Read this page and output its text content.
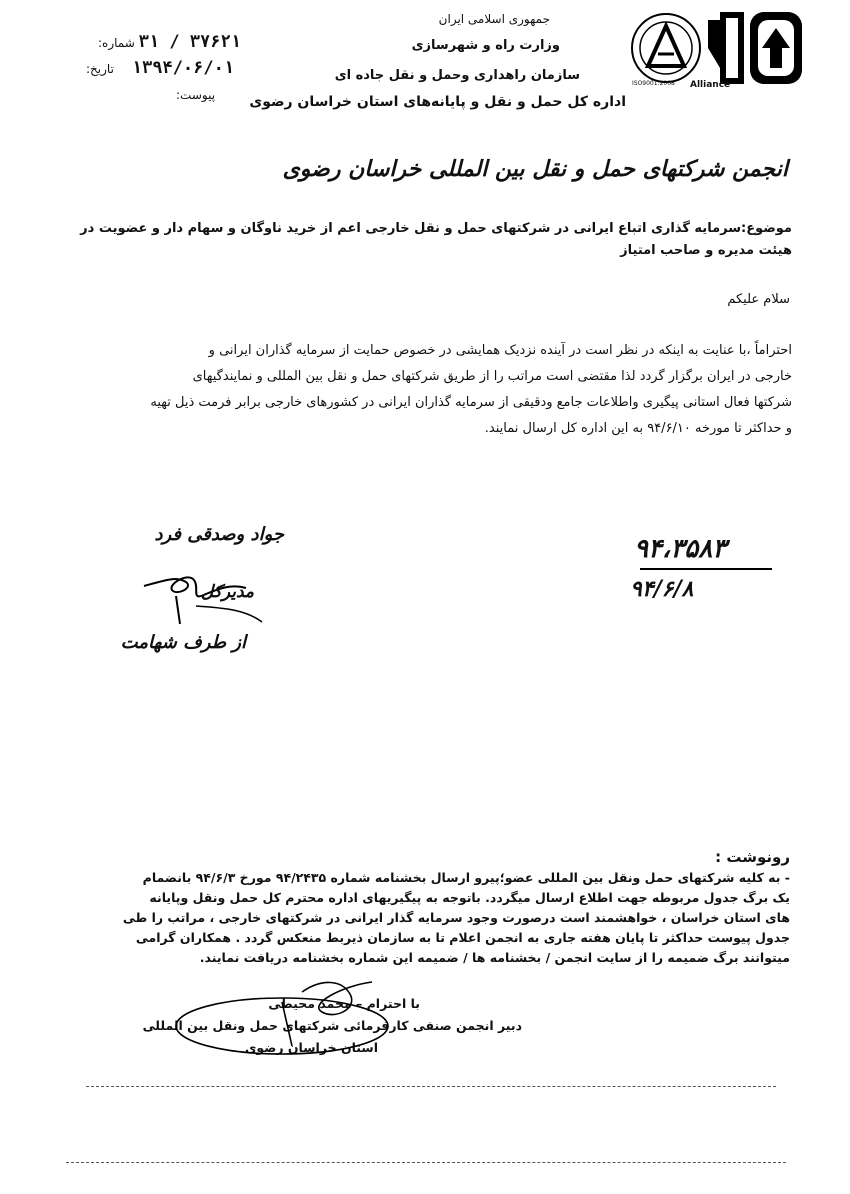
Alliance
ISO9001:2008
جمهوری اسلامی ایران
وزارت راه و شهرسازی
سازمان راهداری وحمل و نقل جاده ای
اداره کل حمل و نقل و پایانه‌های استان خراسان رضوی
۳۱ / ۳۷۶۲۱ شماره:
۱۳۹۴/۰۶/۰۱ تاریخ:
پیوست:
انجمن شرکتهای حمل و نقل بین المللی خراسان رضوی
موضوع:سرمایه گذاری اتباع ایرانی در شرکتهای حمل و نقل خارجی اعم از خرید ناوگان و سهام دار و عضویت در
هیئت مدیره و صاحب امتیاز
سلام علیکم
احتراماً ،با عنایت به اینکه در نظر است در آینده نزدیک همایشی در خصوص حمایت از سرمایه گذاران ایرانی و
خارجی در ایران برگزار گردد لذا مقتضی است مراتب را از طریق شرکتهای حمل و نقل بین المللی و نمایندگیهای
شرکتها فعال استانی پیگیری واطلاعات جامع ودقیقی از سرمایه گذاران ایرانی در کشورهای خارجی برابر فرمت ذیل تهیه
و حداکثر تا مورخه ۹۴/۶/۱۰ به این اداره کل ارسال نمایند.
جواد وصدقی فرد
مدیرکل
از طرف شهامت
۹۴،۳۵۸۳
۹۴/۶/۸
رونوشت :
- به کلیه شرکتهای حمل ونقل بین المللی عضو؛پیرو ارسال بخشنامه شماره ۹۴/۲۴۳۵ مورخ ۹۴/۶/۳ بانضمام
یک برگ جدول مربوطه جهت اطلاع ارسال میگردد. باتوجه به پیگیریهای اداره محترم کل حمل ونقل وپایانه
های استان خراسان ، خواهشمند است درصورت وجود سرمایه گذار ایرانی در شرکتهای خارجی ، مراتب را طی
جدول پیوست حداکثر تا پایان هفته جاری به انجمن اعلام تا به سازمان ذیربط منعکس گردد . همکاران گرامی
میتوانند برگ ضمیمه را از سایت انجمن / بخشنامه ها / ضمیمه این شماره بخشنامه دریافت نمایند.
با احترام – محمد محیطی
دبیر انجمن صنفی کارفرمائی شرکتهای حمل ونقل بین المللی
استان خراسان رضوی
